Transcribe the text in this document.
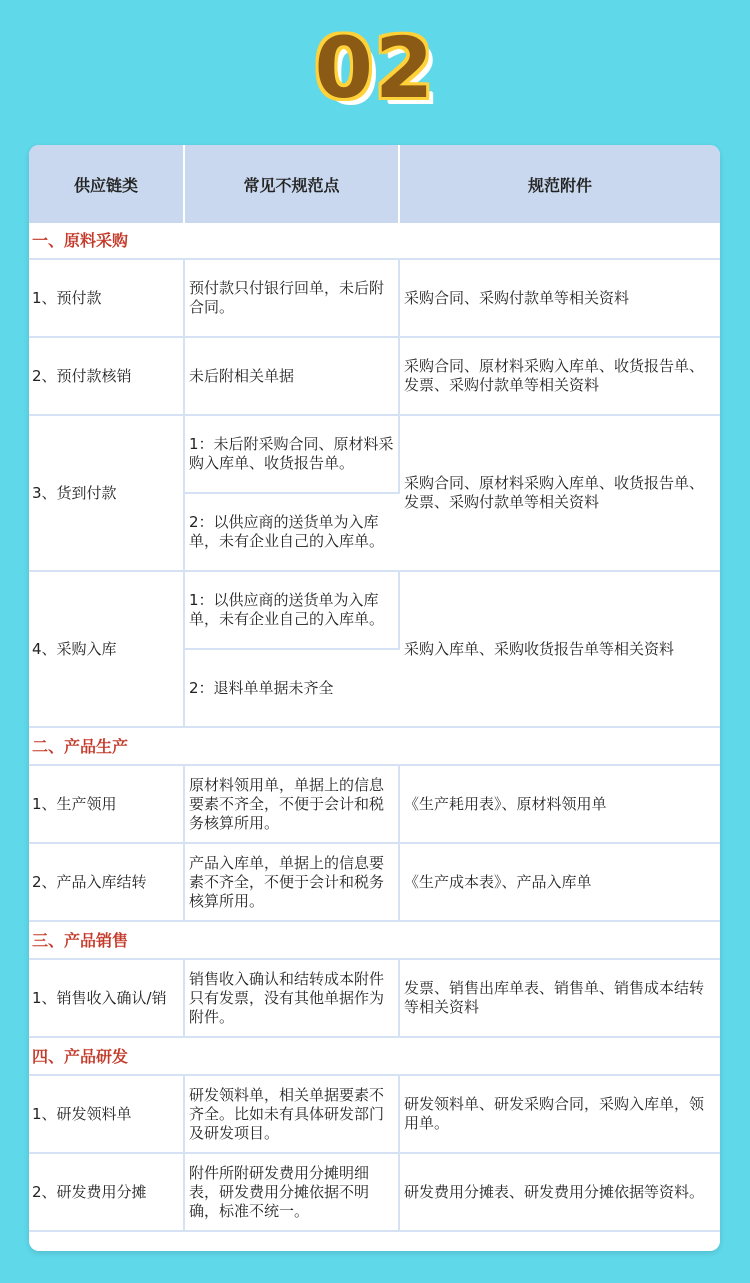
02
供应链类	常见不规范点	规范附件
一、原料采购		
1、预付款	预付款只付银行回单，未后附合同。	采购合同、采购付款单等相关资料
2、预付款核销	未后附相关单据	采购合同、原材料采购入库单、收货报告单、发票、采购付款单等相关资料
3、货到付款	1：未后附采购合同、原材料采购入库单、收货报告单。	采购合同、原材料采购入库单、收货报告单、发票、采购付款单等相关资料
	2：以供应商的送货单为入库单，未有企业自己的入库单。	
4、采购入库	1：以供应商的送货单为入库单，未有企业自己的入库单。	采购入库单、采购收货报告单等相关资料
	2：退料单单据未齐全	
二、产品生产		
1、生产领用	原材料领用单，单据上的信息要素不齐全，不便于会计和税务核算所用。	《生产耗用表》、原材料领用单
2、产品入库结转	产品入库单，单据上的信息要素不齐全，不便于会计和税务核算所用。	《生产成本表》、产品入库单
三、产品销售		
1、销售收入确认/销	销售收入确认和结转成本附件只有发票，没有其他单据作为附件。	发票、销售出库单表、销售单、销售成本结转等相关资料
四、产品研发		
1、研发领料单	研发领料单，相关单据要素不齐全。比如未有具体研发部门及研发项目。	研发领料单、研发采购合同，采购入库单，领用单。
2、研发费用分摊	附件所附研发费用分摊明细表，研发费用分摊依据不明确，标准不统一。	研发费用分摊表、研发费用分摊依据等资料。
